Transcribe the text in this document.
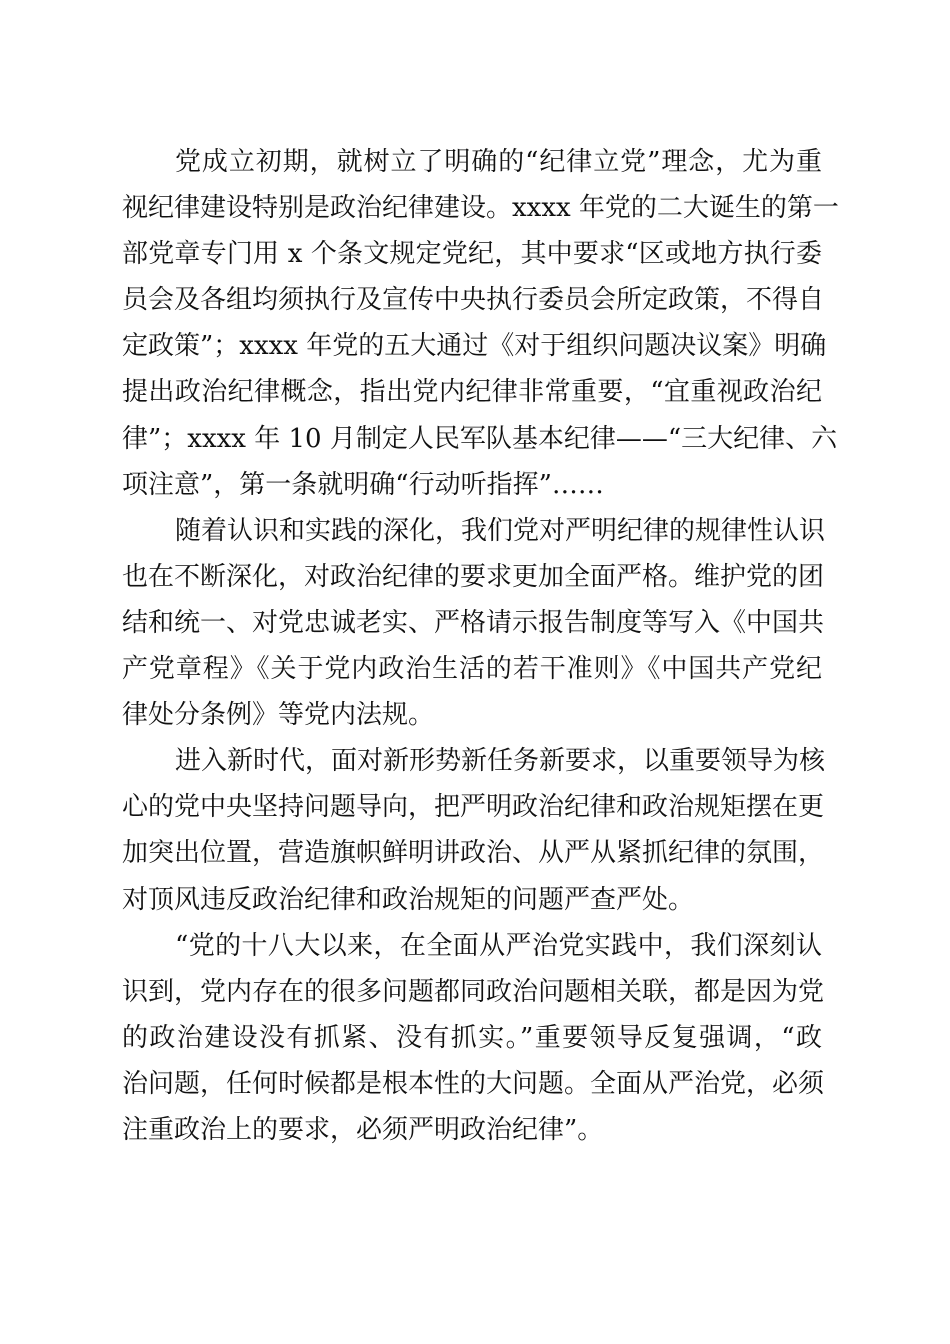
党成立初期，就树立了明确的“纪律立党”理念，尤为重
视纪律建设特别是政治纪律建设。xxxx 年党的二大诞生的第一
部党章专门用 x 个条文规定党纪，其中要求“区或地方执行委
员会及各组均须执行及宣传中央执行委员会所定政策，不得自
定政策”；xxxx 年党的五大通过《对于组织问题决议案》明确
提出政治纪律概念，指出党内纪律非常重要，“宜重视政治纪
律”；xxxx 年 10 月制定人民军队基本纪律——“三大纪律、六
项注意”，第一条就明确“行动听指挥”……
随着认识和实践的深化，我们党对严明纪律的规律性认识
也在不断深化，对政治纪律的要求更加全面严格。维护党的团
结和统一、对党忠诚老实、严格请示报告制度等写入《中国共
产党章程》《关于党内政治生活的若干准则》《中国共产党纪
律处分条例》等党内法规。
进入新时代，面对新形势新任务新要求，以重要领导为核
心的党中央坚持问题导向，把严明政治纪律和政治规矩摆在更
加突出位置，营造旗帜鲜明讲政治、从严从紧抓纪律的氛围，
对顶风违反政治纪律和政治规矩的问题严查严处。
“党的十八大以来，在全面从严治党实践中，我们深刻认
识到，党内存在的很多问题都同政治问题相关联，都是因为党
的政治建设没有抓紧、没有抓实。”重要领导反复强调，“政
治问题，任何时候都是根本性的大问题。全面从严治党，必须
注重政治上的要求，必须严明政治纪律”。
